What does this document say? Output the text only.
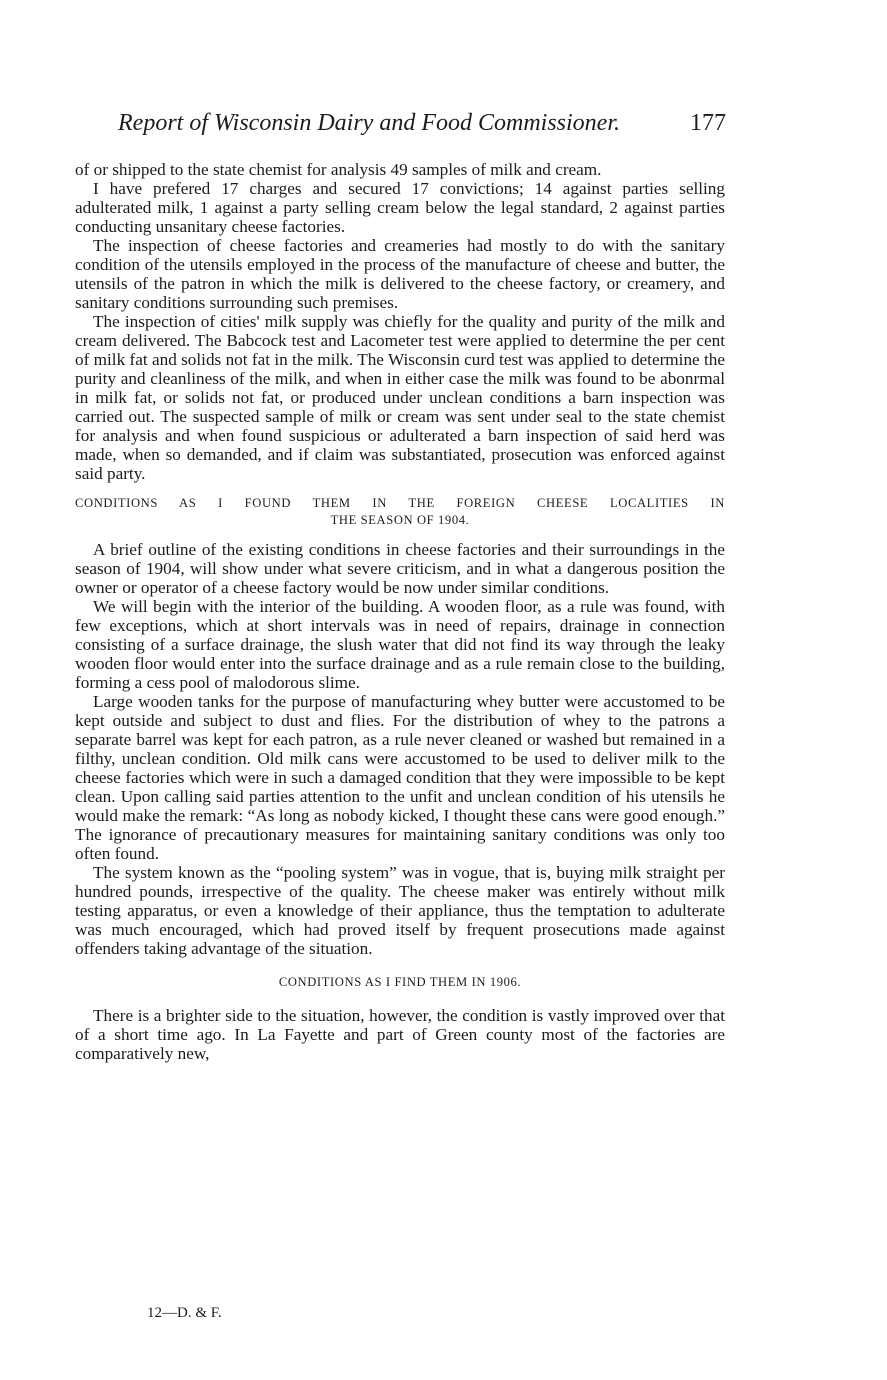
Report of Wisconsin Dairy and Food Commissioner.	177

of or shipped to the state chemist for analysis 49 samples of milk and cream.

I have prefered 17 charges and secured 17 convictions; 14 against parties selling adulterated milk, 1 against a party selling cream below the legal standard, 2 against parties conducting unsanitary cheese factories.

The inspection of cheese factories and creameries had mostly to do with the sanitary condition of the utensils employed in the process of the manufacture of cheese and butter, the utensils of the patron in which the milk is delivered to the cheese factory, or creamery, and sanitary conditions surrounding such premises.

The inspection of cities' milk supply was chiefly for the quality and purity of the milk and cream delivered. The Babcock test and Lacometer test were applied to determine the per cent of milk fat and solids not fat in the milk. The Wisconsin curd test was applied to determine the purity and cleanliness of the milk, and when in either case the milk was found to be abonrmal in milk fat, or solids not fat, or produced under unclean conditions a barn inspection was carried out. The suspected sample of milk or cream was sent under seal to the state chemist for analysis and when found suspicious or adulterated a barn inspection of said herd was made, when so demanded, and if claim was substantiated, prosecution was enforced against said party.

CONDITIONS AS I FOUND THEM IN THE FOREIGN CHEESE LOCALITIES IN
THE SEASON OF 1904.

A brief outline of the existing conditions in cheese factories and their surroundings in the season of 1904, will show under what severe criticism, and in what a dangerous position the owner or operator of a cheese factory would be now under similar conditions.

We will begin with the interior of the building. A wooden floor, as a rule was found, with few exceptions, which at short intervals was in need of repairs, drainage in connection consisting of a surface drainage, the slush water that did not find its way through the leaky wooden floor would enter into the surface drainage and as a rule remain close to the building, forming a cess pool of malodorous slime.

Large wooden tanks for the purpose of manufacturing whey butter were accustomed to be kept outside and subject to dust and flies. For the distribution of whey to the patrons a separate barrel was kept for each patron, as a rule never cleaned or washed but remained in a filthy, unclean condition. Old milk cans were accustomed to be used to deliver milk to the cheese factories which were in such a damaged condition that they were impossible to be kept clean. Upon calling said parties attention to the unfit and unclean condition of his utensils he would make the remark: “As long as nobody kicked, I thought these cans were good enough.” The ignorance of precautionary measures for maintaining sanitary conditions was only too often found.

The system known as the “pooling system” was in vogue, that is, buying milk straight per hundred pounds, irrespective of the quality. The cheese maker was entirely without milk testing apparatus, or even a knowledge of their appliance, thus the temptation to adulterate was much encouraged, which had proved itself by frequent prosecutions made against offenders taking advantage of the situation.

CONDITIONS AS I FIND THEM IN 1906.

There is a brighter side to the situation, however, the condition is vastly improved over that of a short time ago. In La Fayette and part of Green county most of the factories are comparatively new,

12—D. & F.
